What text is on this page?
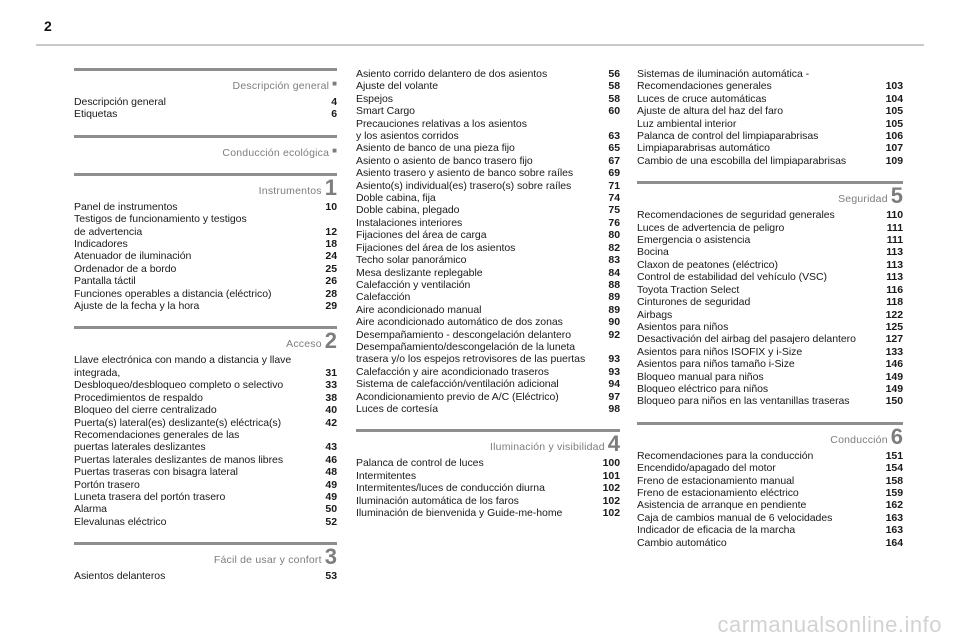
2
Descripción general ■
Descripción general	4
Etiquetas	6
Conducción ecológica ■
Instrumentos 1
Panel de instrumentos	10
Testigos de funcionamiento y testigos
de advertencia	12
Indicadores	18
Atenuador de iluminación	24
Ordenador de a bordo	25
Pantalla táctil	26
Funciones operables a distancia (eléctrico)	28
Ajuste de la fecha y la hora	29
Acceso 2
Llave electrónica con mando a distancia y llave
integrada,	31
Desbloqueo/desbloqueo completo o selectivo	33
Procedimientos de respaldo	38
Bloqueo del cierre centralizado	40
Puerta(s) lateral(es) deslizante(s) eléctrica(s)	42
Recomendaciones generales de las
puertas laterales deslizantes	43
Puertas laterales deslizantes de manos libres	46
Puertas traseras con bisagra lateral	48
Portón trasero	49
Luneta trasera del portón trasero	49
Alarma	50
Elevalunas eléctrico	52
Fácil de usar y confort 3
Asientos delanteros	53
Asiento corrido delantero de dos asientos	56
Ajuste del volante	58
Espejos	58
Smart Cargo	60
Precauciones relativas a los asientos
y los asientos corridos	63
Asiento de banco de una pieza fijo	65
Asiento o asiento de banco trasero fijo	67
Asiento trasero y asiento de banco sobre raíles	69
Asiento(s) individual(es) trasero(s) sobre raíles	71
Doble cabina, fija	74
Doble cabina, plegado	75
Instalaciones interiores	76
Fijaciones del área de carga	80
Fijaciones del área de los asientos	82
Techo solar panorámico	83
Mesa deslizante replegable	84
Calefacción y ventilación	88
Calefacción	89
Aire acondicionado manual	89
Aire acondicionado automático de dos zonas	90
Desempañamiento - descongelación delantero	92
Desempañamiento/descongelación de la luneta
trasera y/o los espejos retrovisores de las puertas	93
Calefacción y aire acondicionado traseros	93
Sistema de calefacción/ventilación adicional	94
Acondicionamiento previo de A/C (Eléctrico)	97
Luces de cortesía	98
Iluminación y visibilidad 4
Palanca de control de luces	100
Intermitentes	101
Intermitentes/luces de conducción diurna	102
Iluminación automática de los faros	102
Iluminación de bienvenida y Guide-me-home	102
Sistemas de iluminación automática -
Recomendaciones generales	103
Luces de cruce automáticas	104
Ajuste de altura del haz del faro	105
Luz ambiental interior	105
Palanca de control del limpiaparabrisas	106
Limpiaparabrisas automático	107
Cambio de una escobilla del limpiaparabrisas	109
Seguridad 5
Recomendaciones de seguridad generales	110
Luces de advertencia de peligro	111
Emergencia o asistencia	111
Bocina	113
Claxon de peatones (eléctrico)	113
Control de estabilidad del vehículo (VSC)	113
Toyota Traction Select	116
Cinturones de seguridad	118
Airbags	122
Asientos para niños	125
Desactivación del airbag del pasajero delantero	127
Asientos para niños ISOFIX y i-Size	133
Asientos para niños tamaño i-Size	146
Bloqueo manual para niños	149
Bloqueo eléctrico para niños	149
Bloqueo para niños en las ventanillas traseras	150
Conducción 6
Recomendaciones para la conducción	151
Encendido/apagado del motor	154
Freno de estacionamiento manual	158
Freno de estacionamiento eléctrico	159
Asistencia de arranque en pendiente	162
Caja de cambios manual de 6 velocidades	163
Indicador de eficacia de la marcha	163
Cambio automático	164
carmanualsonline.info
